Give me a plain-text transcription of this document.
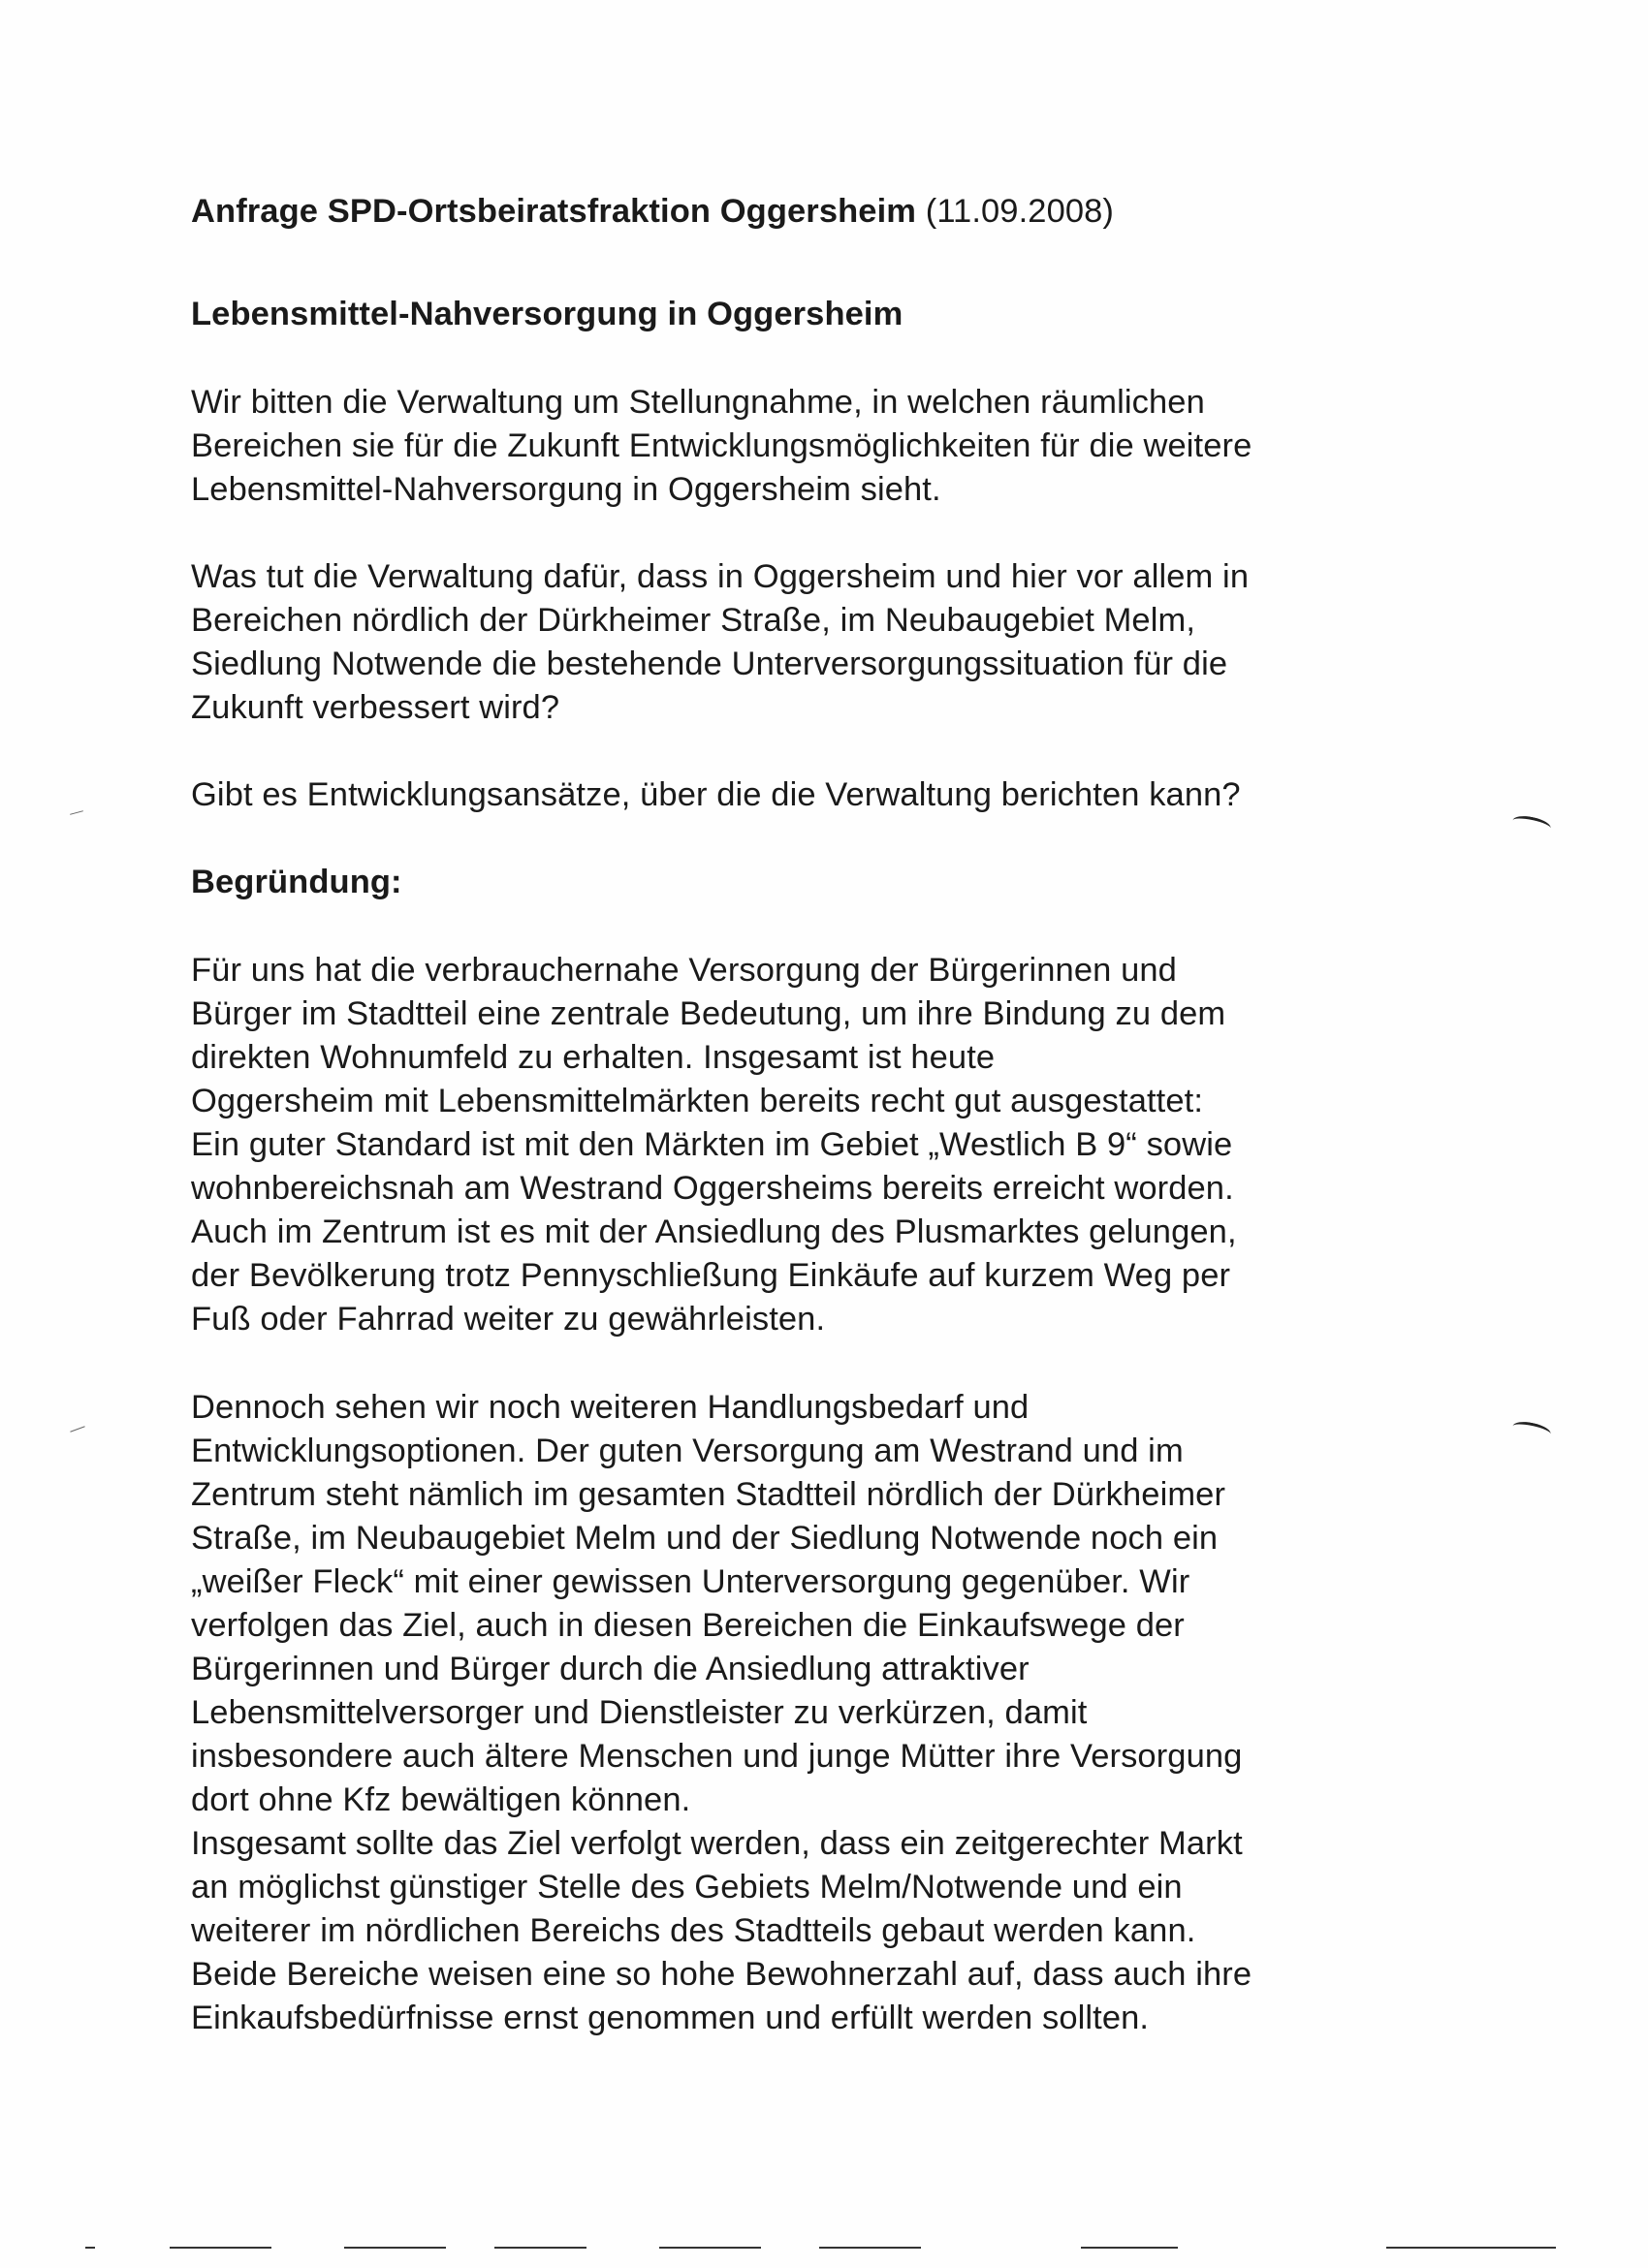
Anfrage SPD-Ortsbeiratsfraktion Oggersheim (11.09.2008)

Lebensmittel-Nahversorgung in Oggersheim

Wir bitten die Verwaltung um Stellungnahme, in welchen räumlichen
Bereichen sie für die Zukunft Entwicklungsmöglichkeiten für die weitere
Lebensmittel-Nahversorgung in Oggersheim sieht.

Was tut die Verwaltung dafür, dass in Oggersheim und hier vor allem in
Bereichen nördlich der Dürkheimer Straße, im Neubaugebiet Melm,
Siedlung Notwende die bestehende Unterversorgungssituation für die
Zukunft verbessert wird?

Gibt es Entwicklungsansätze, über die die Verwaltung berichten kann?

Begründung:

Für uns hat die verbrauchernahe Versorgung der Bürgerinnen und
Bürger im Stadtteil eine zentrale Bedeutung, um ihre Bindung zu dem
direkten Wohnumfeld zu erhalten. Insgesamt ist heute
Oggersheim mit Lebensmittelmärkten bereits recht gut ausgestattet:
Ein guter Standard ist mit den Märkten im Gebiet „Westlich B 9“ sowie
wohnbereichsnah am Westrand Oggersheims bereits erreicht worden.
Auch im Zentrum ist es mit der Ansiedlung des Plusmarktes gelungen,
der Bevölkerung trotz Pennyschließung Einkäufe auf kurzem Weg per
Fuß oder Fahrrad weiter zu gewährleisten.

Dennoch sehen wir noch weiteren Handlungsbedarf und
Entwicklungsoptionen. Der guten Versorgung am Westrand und im
Zentrum steht nämlich im gesamten Stadtteil nördlich der Dürkheimer
Straße, im Neubaugebiet Melm und der Siedlung Notwende noch ein
„weißer Fleck“ mit einer gewissen Unterversorgung gegenüber. Wir
verfolgen das Ziel, auch in diesen Bereichen die Einkaufswege der
Bürgerinnen und Bürger durch die Ansiedlung attraktiver
Lebensmittelversorger und Dienstleister zu verkürzen, damit
insbesondere auch ältere Menschen und junge Mütter ihre Versorgung
dort ohne Kfz bewältigen können.
Insgesamt sollte das Ziel verfolgt werden, dass ein zeitgerechter Markt
an möglichst günstiger Stelle des Gebiets Melm/Notwende und ein
weiterer im nördlichen Bereichs des Stadtteils gebaut werden kann.
Beide Bereiche weisen eine so hohe Bewohnerzahl auf, dass auch ihre
Einkaufsbedürfnisse ernst genommen und erfüllt werden sollten.
